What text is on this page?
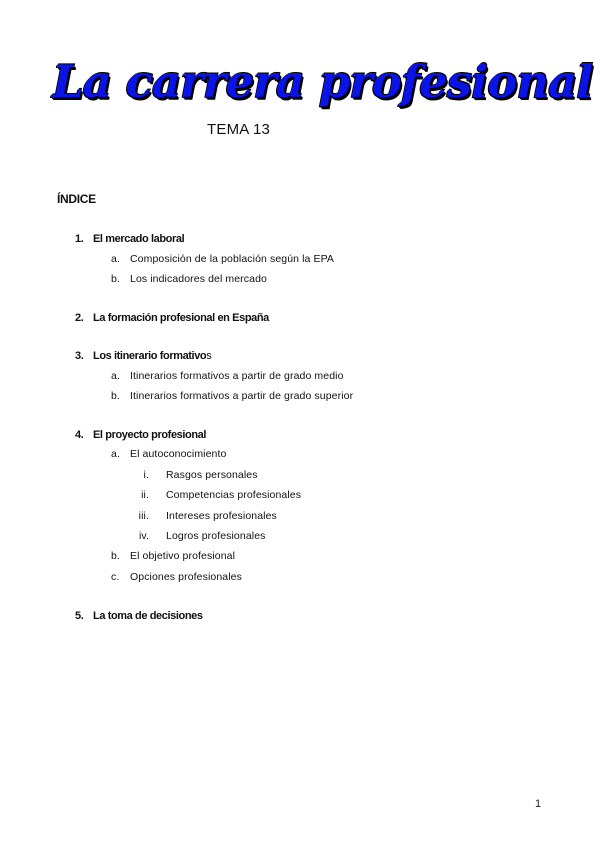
La carrera profesional
TEMA 13
ÍNDICE
1. El mercado laboral
a. Composición de la población según la EPA
b. Los indicadores del mercado
2. La formación profesional en España
3. Los itinerario formativos
a. Itinerarios formativos a partir de grado medio
b. Itinerarios formativos a partir de grado superior
4. El proyecto profesional
a. El autoconocimiento
i. Rasgos personales
ii. Competencias profesionales
iii. Intereses profesionales
iv. Logros profesionales
b. El objetivo profesional
c. Opciones profesionales
5. La toma de decisiones
1
